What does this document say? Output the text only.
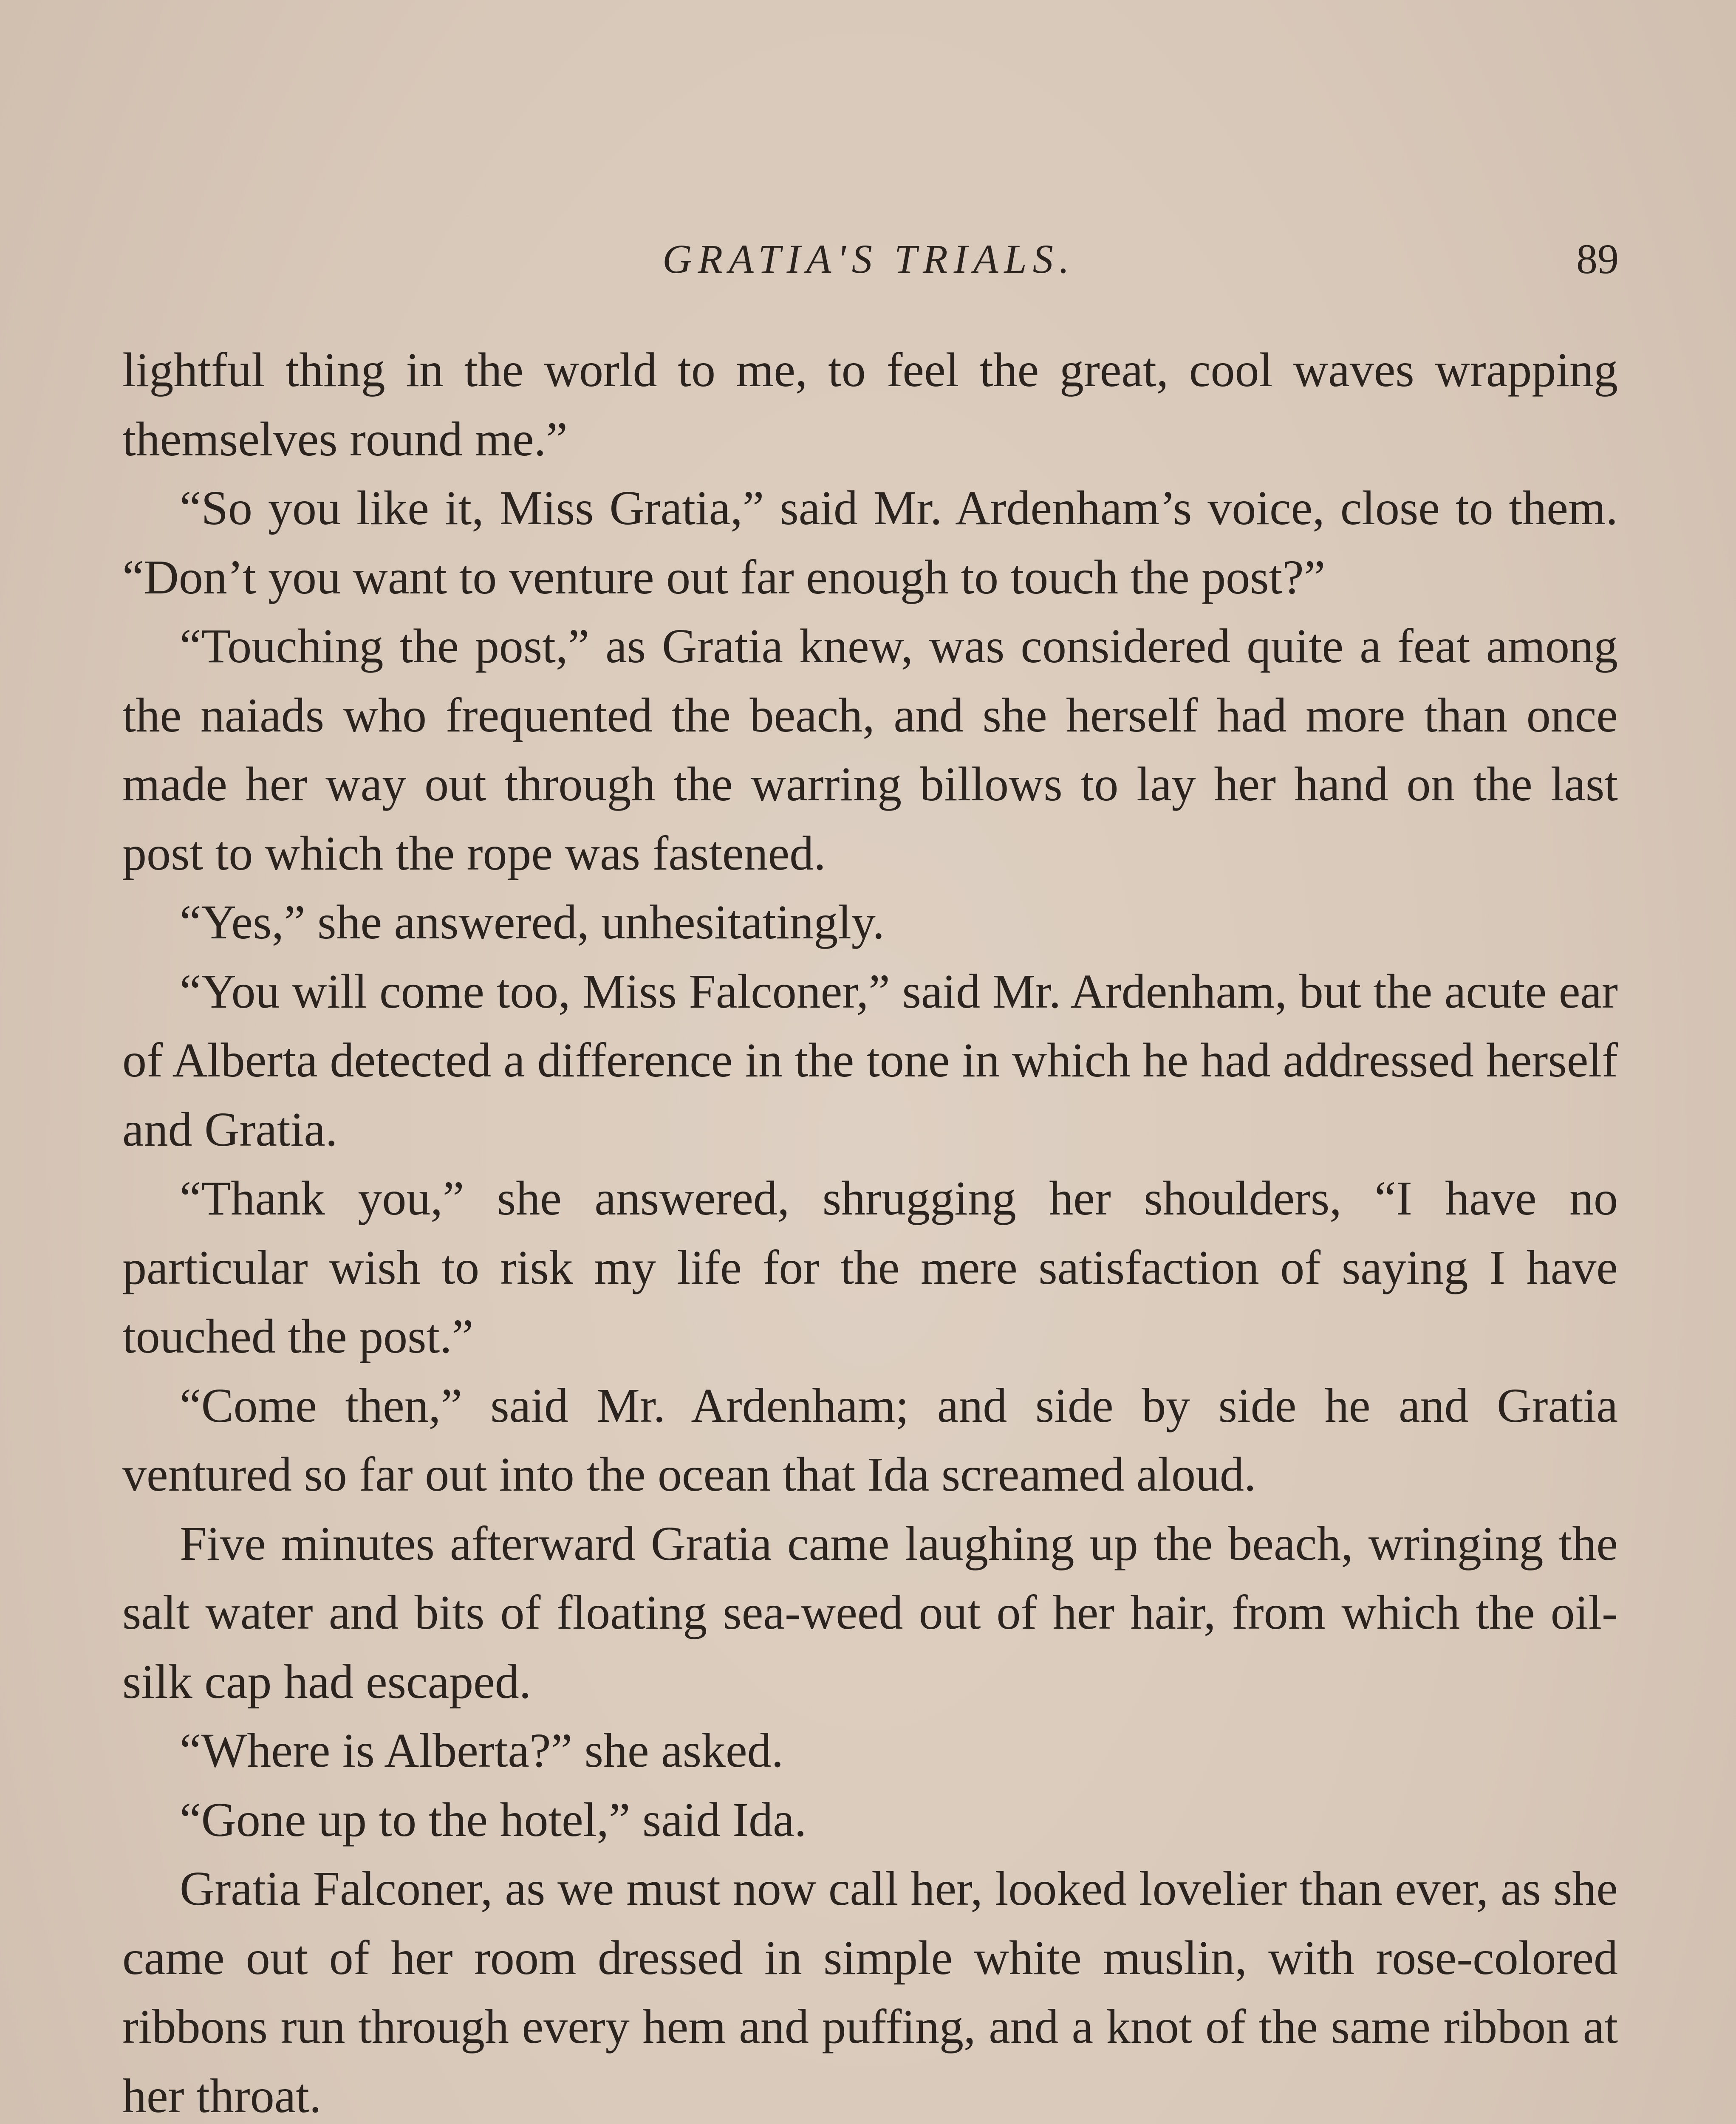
GRATIA'S TRIALS.	89

lightful thing in the world to me, to feel the great, cool waves wrapping themselves round me.”

“So you like it, Miss Gratia,” said Mr. Ardenham’s voice, close to them. “Don’t you want to venture out far enough to touch the post?”

“Touching the post,” as Gratia knew, was considered quite a feat among the naiads who frequented the beach, and she herself had more than once made her way out through the warring billows to lay her hand on the last post to which the rope was fastened.

“Yes,” she answered, unhesitatingly.

“You will come too, Miss Falconer,” said Mr. Ardenham, but the acute ear of Alberta detected a difference in the tone in which he had addressed herself and Gratia.

“Thank you,” she answered, shrugging her shoulders, “I have no particular wish to risk my life for the mere satisfaction of saying I have touched the post.”

“Come then,” said Mr. Ardenham; and side by side he and Gratia ventured so far out into the ocean that Ida screamed aloud.

Five minutes afterward Gratia came laughing up the beach, wringing the salt water and bits of floating sea-weed out of her hair, from which the oil-silk cap had escaped.

“Where is Alberta?” she asked.

“Gone up to the hotel,” said Ida.

Gratia Falconer, as we must now call her, looked lovelier than ever, as she came out of her room dressed in simple white muslin, with rose-colored ribbons run through every hem and puffing, and a knot of the same ribbon at her throat.
